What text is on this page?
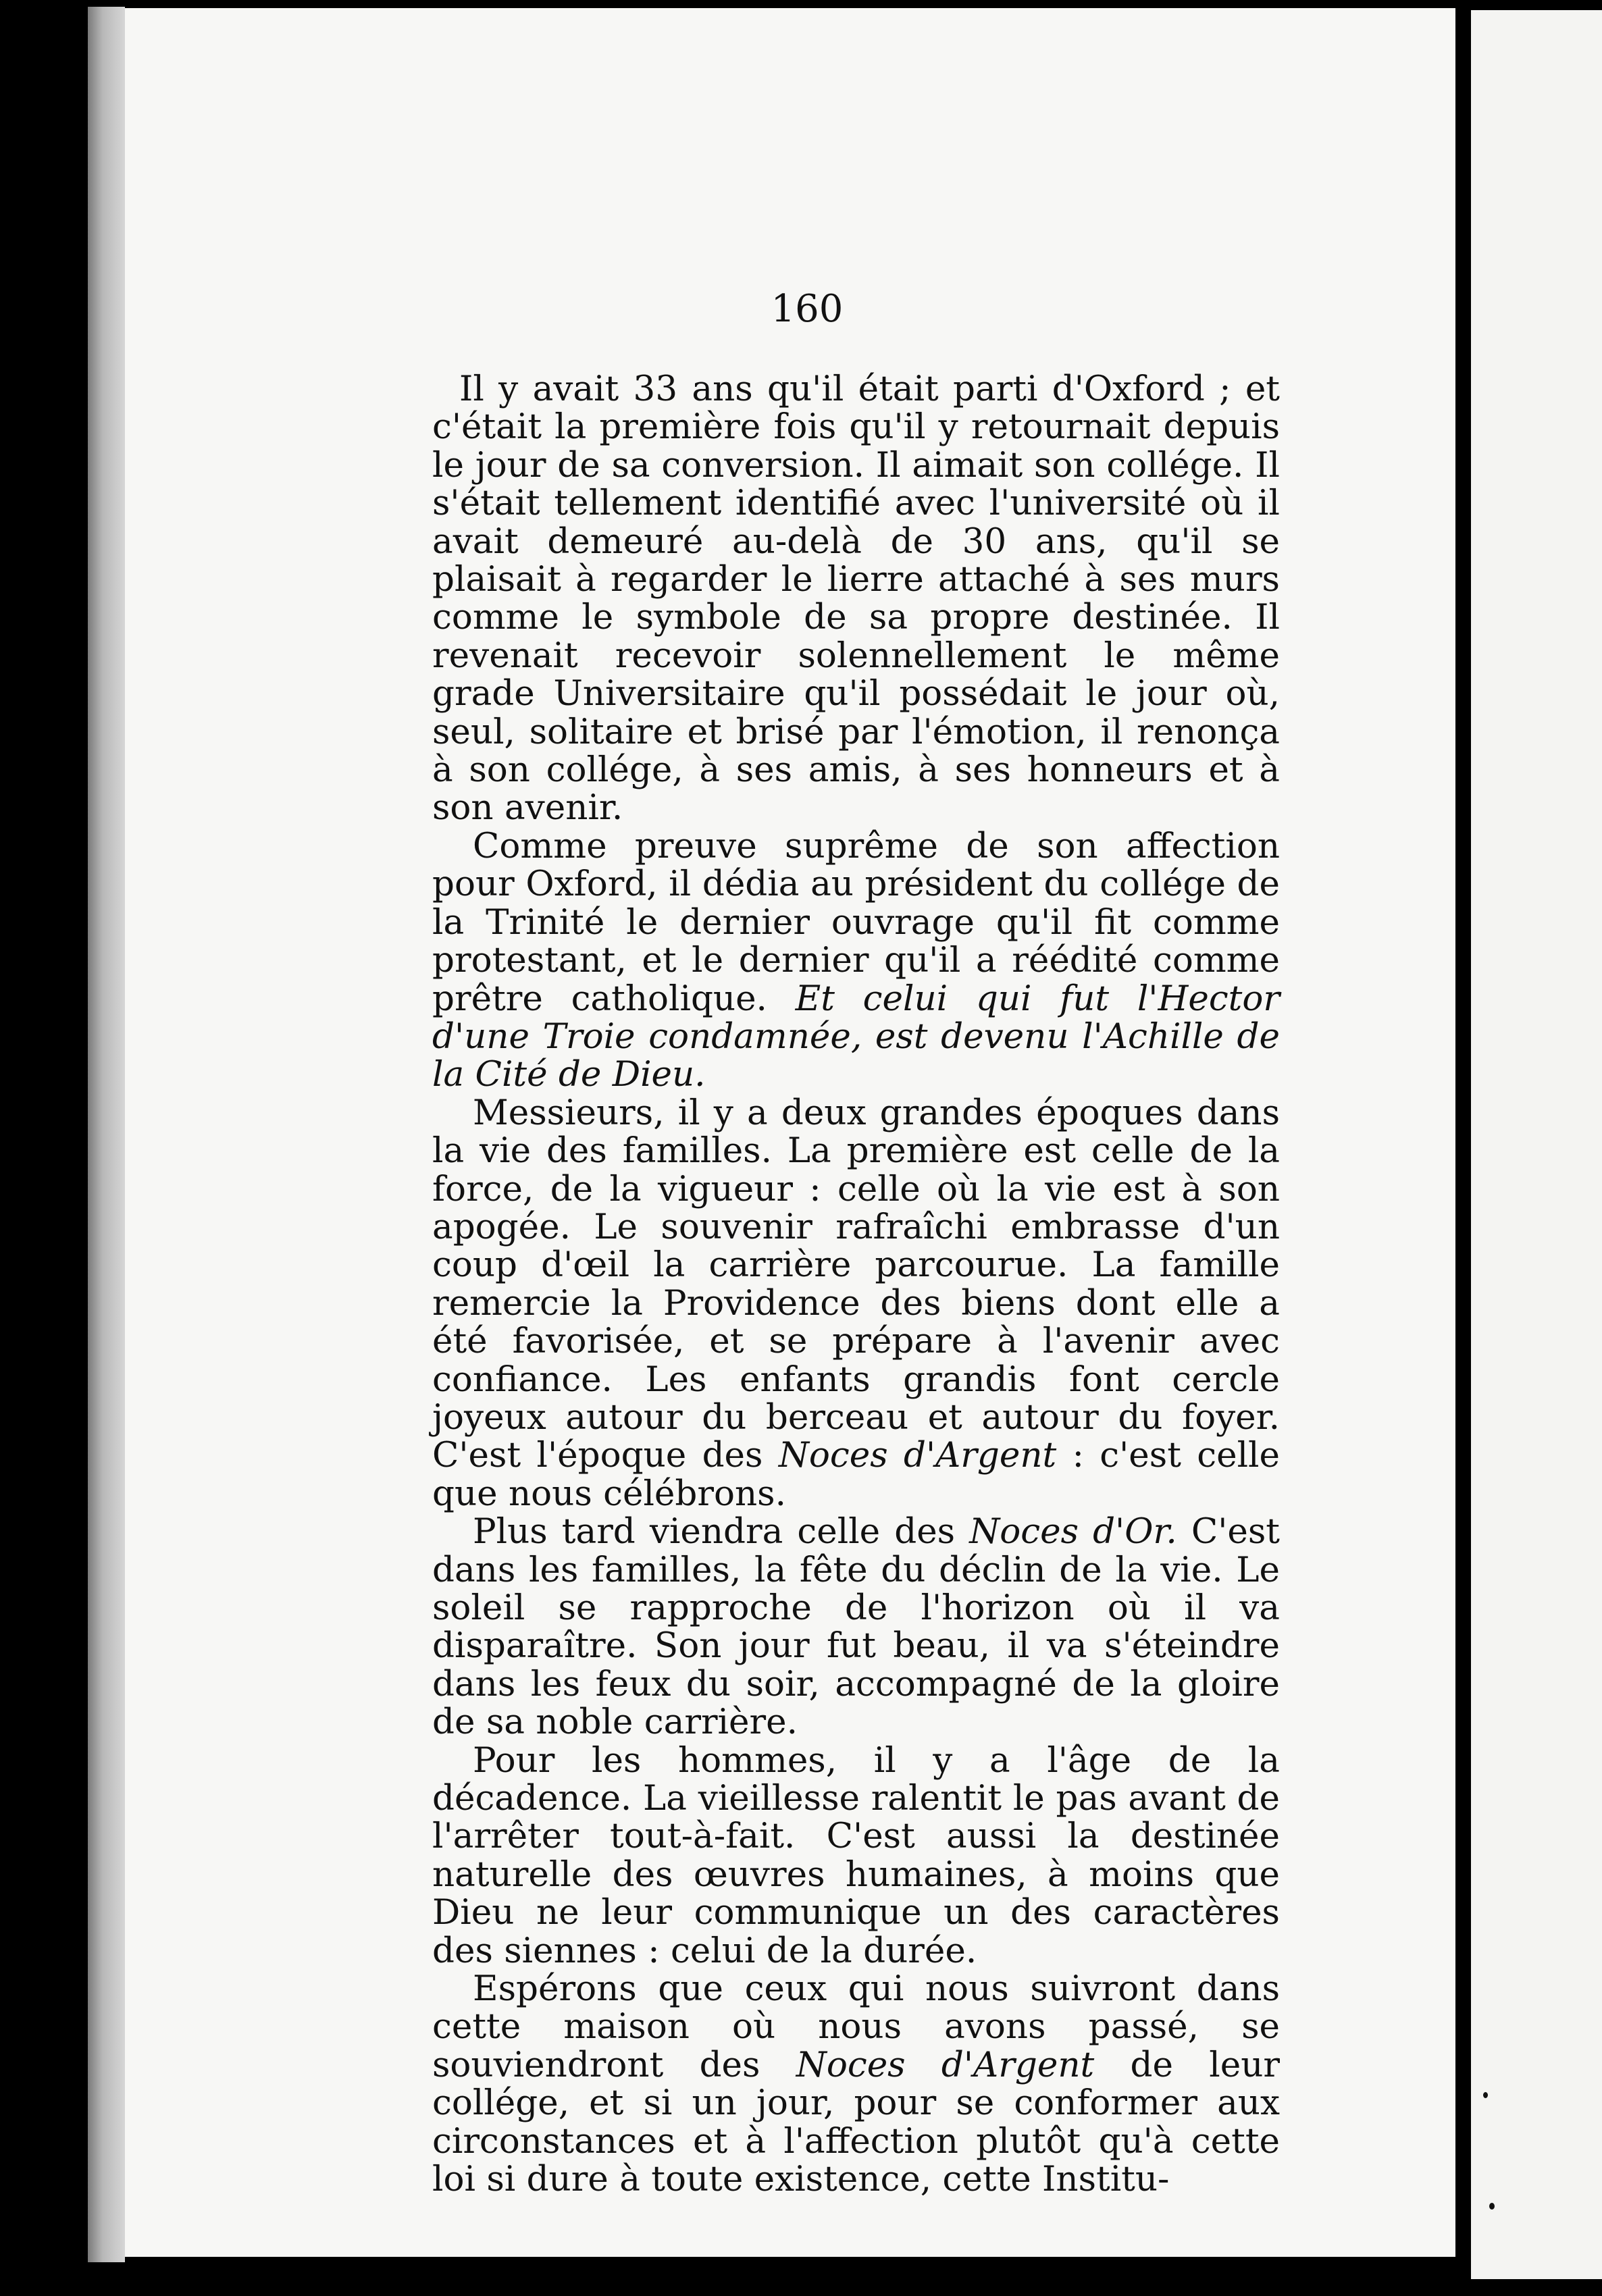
160

Il y avait 33 ans qu'il était parti d'Oxford ; et c'était la première fois qu'il y retournait depuis le jour de sa conversion. Il aimait son collége. Il s'était tellement identifié avec l'université où il avait demeuré au-delà de 30 ans, qu'il se plaisait à regarder le lierre attaché à ses murs comme le symbole de sa propre destinée. Il revenait recevoir solennellement le même grade Universitaire qu'il possédait le jour où, seul, solitaire et brisé par l'émotion, il renonça à son collége, à ses amis, à ses honneurs et à son avenir.

Comme preuve suprême de son affection pour Oxford, il dédia au président du collége de la Trinité le dernier ouvrage qu'il fit comme protestant, et le dernier qu'il a réédité comme prêtre catholique. Et celui qui fut l'Hector d'une Troie condamnée, est devenu l'Achille de la Cité de Dieu.

Messieurs, il y a deux grandes époques dans la vie des familles. La première est celle de la force, de la vigueur : celle où la vie est à son apogée. Le souvenir rafraîchi embrasse d'un coup d'œil la carrière parcourue. La famille remercie la Providence des biens dont elle a été favorisée, et se prépare à l'avenir avec confiance. Les enfants grandis font cercle joyeux autour du berceau et autour du foyer. C'est l'époque des Noces d'Argent : c'est celle que nous célébrons.

Plus tard viendra celle des Noces d'Or. C'est dans les familles, la fête du déclin de la vie. Le soleil se rapproche de l'horizon où il va disparaître. Son jour fut beau, il va s'éteindre dans les feux du soir, accompagné de la gloire de sa noble carrière.

Pour les hommes, il y a l'âge de la décadence. La vieillesse ralentit le pas avant de l'arrêter tout-à-fait. C'est aussi la destinée naturelle des œuvres humaines, à moins que Dieu ne leur communique un des caractères des siennes : celui de la durée.

Espérons que ceux qui nous suivront dans cette maison où nous avons passé, se souviendront des Noces d'Argent de leur collége, et si un jour, pour se conformer aux circonstances et à l'affection plutôt qu'à cette loi si dure à toute existence, cette Institu-
